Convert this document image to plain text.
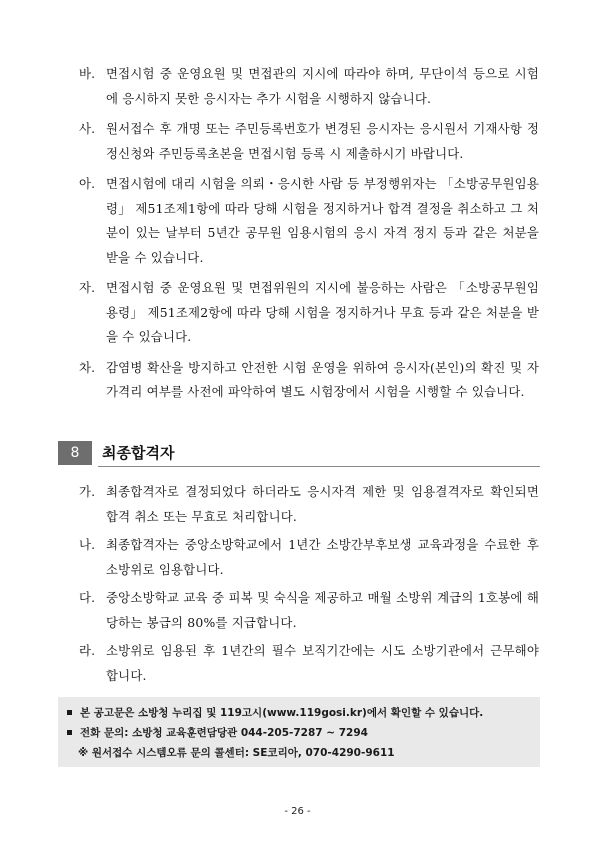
바. 면접시험 중 운영요원 및 면접관의 지시에 따라야 하며, 무단이석 등으로 시험에 응시하지 못한 응시자는 추가 시험을 시행하지 않습니다.
사. 원서접수 후 개명 또는 주민등록번호가 변경된 응시자는 응시원서 기재사항 정정신청와 주민등록초본을 면접시험 등록 시 제출하시기 바랍니다.
아. 면접시험에 대리 시험을 의뢰・응시한 사람 등 부정행위자는 「소방공무원임용령」 제51조제1항에 따라 당해 시험을 정지하거나 합격 결정을 취소하고 그 처분이 있는 날부터 5년간 공무원 임용시험의 응시 자격 정지 등과 같은 처분을 받을 수 있습니다.
자. 면접시험 중 운영요원 및 면접위원의 지시에 불응하는 사람은 「소방공무원임용령」 제51조제2항에 따라 당해 시험을 정지하거나 무효 등과 같은 처분을 받을 수 있습니다.
차. 감염병 확산을 방지하고 안전한 시험 운영을 위하여 응시자(본인)의 확진 및 자가격리 여부를 사전에 파악하여 별도 시험장에서 시험을 시행할 수 있습니다.
8	최종합격자
가. 최종합격자로 결정되었다 하더라도 응시자격 제한 및 임용결격자로 확인되면 합격 취소 또는 무효로 처리합니다.
나. 최종합격자는 중앙소방학교에서 1년간 소방간부후보생 교육과정을 수료한 후 소방위로 임용합니다.
다. 중앙소방학교 교육 중 피복 및 숙식을 제공하고 매월 소방위 계급의 1호봉에 해당하는 봉급의 80%를 지급합니다.
라. 소방위로 임용된 후 1년간의 필수 보직기간에는 시도 소방기관에서 근무해야 합니다.
본 공고문은 소방청 누리집 및 119고시(www.119gosi.kr)에서 확인할 수 있습니다.
전화 문의: 소방청 교육훈련담당관 044-205-7287 ~ 7294
※ 원서접수 시스템오류 문의 콜센터: SE코리아, 070-4290-9611
- 26 -
